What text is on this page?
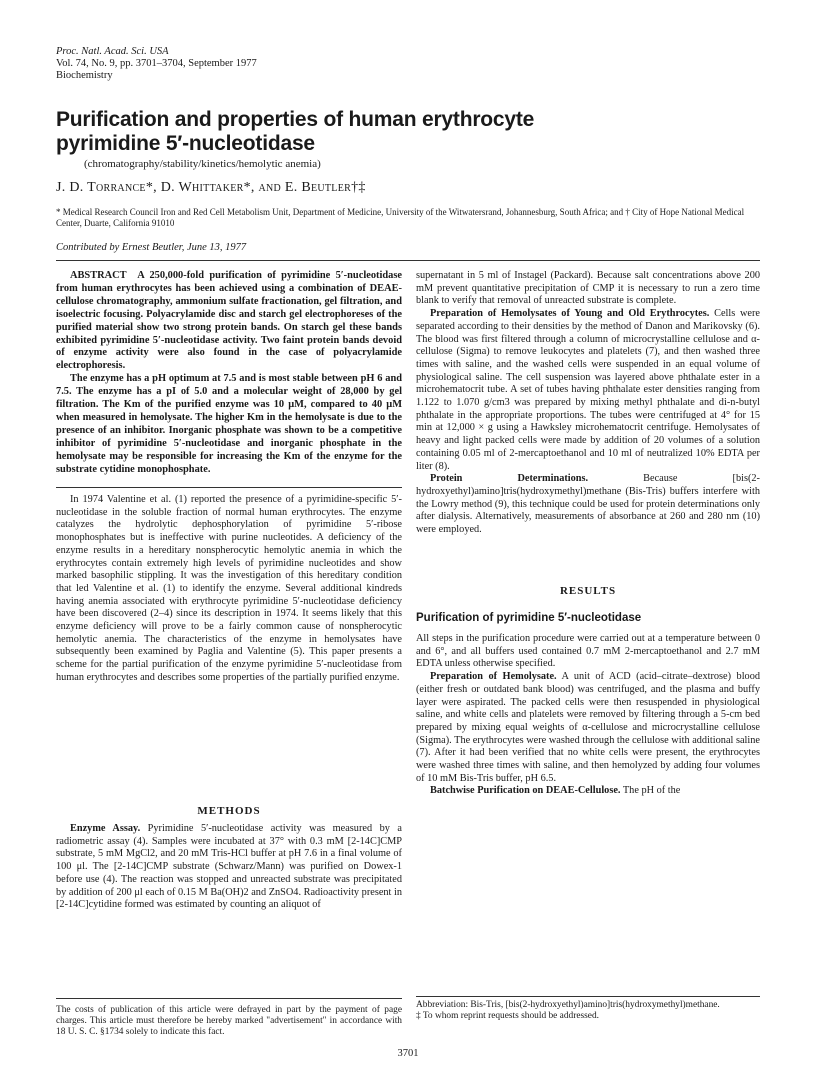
Proc. Natl. Acad. Sci. USA
Vol. 74, No. 9, pp. 3701–3704, September 1977
Biochemistry
Purification and properties of human erythrocyte pyrimidine 5′-nucleotidase
(chromatography/stability/kinetics/hemolytic anemia)
J. D. Torrance*, D. Whittaker*, and E. Beutler†‡
* Medical Research Council Iron and Red Cell Metabolism Unit, Department of Medicine, University of the Witwatersrand, Johannesburg, South Africa; and † City of Hope National Medical Center, Duarte, California 91010
Contributed by Ernest Beutler, June 13, 1977

ABSTRACT A 250,000-fold purification of pyrimidine 5′-nucleotidase from human erythrocytes has been achieved using a combination of DEAE-cellulose chromatography, ammonium sulfate fractionation, gel filtration, and isoelectric focusing. Polyacrylamide disc and starch gel electrophoreses of the purified material show two strong protein bands. On starch gel these bands exhibited pyrimidine 5′-nucleotidase activity. Two faint protein bands devoid of enzyme activity were also found in the case of polyacrylamide electrophoresis.

The enzyme has a pH optimum at 7.5 and is most stable between pH 6 and 7.5. The enzyme has a pI of 5.0 and a molecular weight of 28,000 by gel filtration. The Km of the purified enzyme was 10 μM, compared to 40 μM when measured in hemolysate. The higher Km in the hemolysate is due to the presence of an inhibitor. Inorganic phosphate was shown to be a competitive inhibitor of pyrimidine 5′-nucleotidase and inorganic phosphate in the hemolysate may be responsible for increasing the Km of the enzyme for the substrate cytidine monophosphate.

In 1974 Valentine et al. (1) reported the presence of a pyrimidine-specific 5′-nucleotidase in the soluble fraction of normal human erythrocytes. The enzyme catalyzes the hydrolytic dephosphorylation of pyrimidine 5′-ribose monophosphates but is ineffective with purine nucleotides. A deficiency of the enzyme results in a hereditary nonspherocytic hemolytic anemia in which the erythrocytes contain extremely high levels of pyrimidine nucleotides and show marked basophilic stippling. It was the investigation of this hereditary condition that led Valentine et al. (1) to identify the enzyme. Several additional kindreds having anemia associated with erythrocyte pyrimidine 5′-nucleotidase deficiency have been discovered (2–4) since its description in 1974. It seems likely that this enzyme deficiency will prove to be a fairly common cause of nonspherocytic hemolytic anemia. The characteristics of the enzyme in hemolysates have subsequently been examined by Paglia and Valentine (5). This paper presents a scheme for the partial purification of the enzyme pyrimidine 5′-nucleotidase from human erythrocytes and describes some properties of the partially purified enzyme.

METHODS

Enzyme Assay. Pyrimidine 5′-nucleotidase activity was measured by a radiometric assay (4). Samples were incubated at 37° with 0.3 mM [2-14C]CMP substrate, 5 mM MgCl2, and 20 mM Tris-HCl buffer at pH 7.6 in a final volume of 100 μl. The [2-14C]CMP substrate (Schwarz/Mann) was purified on Dowex-1 before use (4). The reaction was stopped and unreacted substrate was precipitated by addition of 200 μl each of 0.15 M Ba(OH)2 and ZnSO4. Radioactivity present in [2-14C]cytidine formed was estimated by counting an aliquot of

The costs of publication of this article were defrayed in part by the payment of page charges. This article must therefore be hereby marked "advertisement" in accordance with 18 U. S. C. §1734 solely to indicate this fact.

supernatant in 5 ml of Instagel (Packard). Because salt concentrations above 200 mM prevent quantitative precipitation of CMP it is necessary to run a zero time blank to verify that removal of unreacted substrate is complete.

Preparation of Hemolysates of Young and Old Erythrocytes. Cells were separated according to their densities by the method of Danon and Marikovsky (6). The blood was first filtered through a column of microcrystalline cellulose and α-cellulose (Sigma) to remove leukocytes and platelets (7), and then washed three times with saline, and the washed cells were suspended in an equal volume of physiological saline. The cell suspension was layered above phthalate ester in a microhematocrit tube. A set of tubes having phthalate ester densities ranging from 1.122 to 1.070 g/cm3 was prepared by mixing methyl phthalate and di-n-butyl phthalate in the appropriate proportions. The tubes were centrifuged at 4° for 15 min at 12,000 × g using a Hawksley microhematocrit centrifuge. Hemolysates of heavy and light packed cells were made by addition of 20 volumes of a solution containing 0.05 ml of 2-mercaptoethanol and 10 ml of neutralized 10% EDTA per liter (8).

Protein Determinations.	Because [bis(2-hydroxyethyl)amino]tris(hydroxymethyl)methane (Bis-Tris) buffers interfere with the Lowry method (9), this technique could be used for protein determinations only after dialysis. Alternatively, measurements of absorbance at 260 and 280 nm (10) were employed.

RESULTS
Purification of pyrimidine 5′-nucleotidase

All steps in the purification procedure were carried out at a temperature between 0 and 6°, and all buffers used contained 0.7 mM 2-mercaptoethanol and 2.7 mM EDTA unless otherwise specified.

Preparation of Hemolysate. A unit of ACD (acid–citrate–dextrose) blood (either fresh or outdated bank blood) was centrifuged, and the plasma and buffy layer were aspirated. The packed cells were then resuspended in physiological saline, and white cells and platelets were removed by filtering through a 5-cm bed prepared by mixing equal weights of α-cellulose and microcrystalline cellulose (Sigma). The erythrocytes were washed through the cellulose with additional saline (7). After it had been verified that no white cells were present, the erythrocytes were washed three times with saline, and then hemolyzed by adding four volumes of 10 mM Bis-Tris buffer, pH 6.5.

Batchwise Purification on DEAE-Cellulose. The pH of the

Abbreviation: Bis-Tris, [bis(2-hydroxyethyl)amino]tris(hydroxymethyl)methane.
‡ To whom reprint requests should be addressed.
3701
